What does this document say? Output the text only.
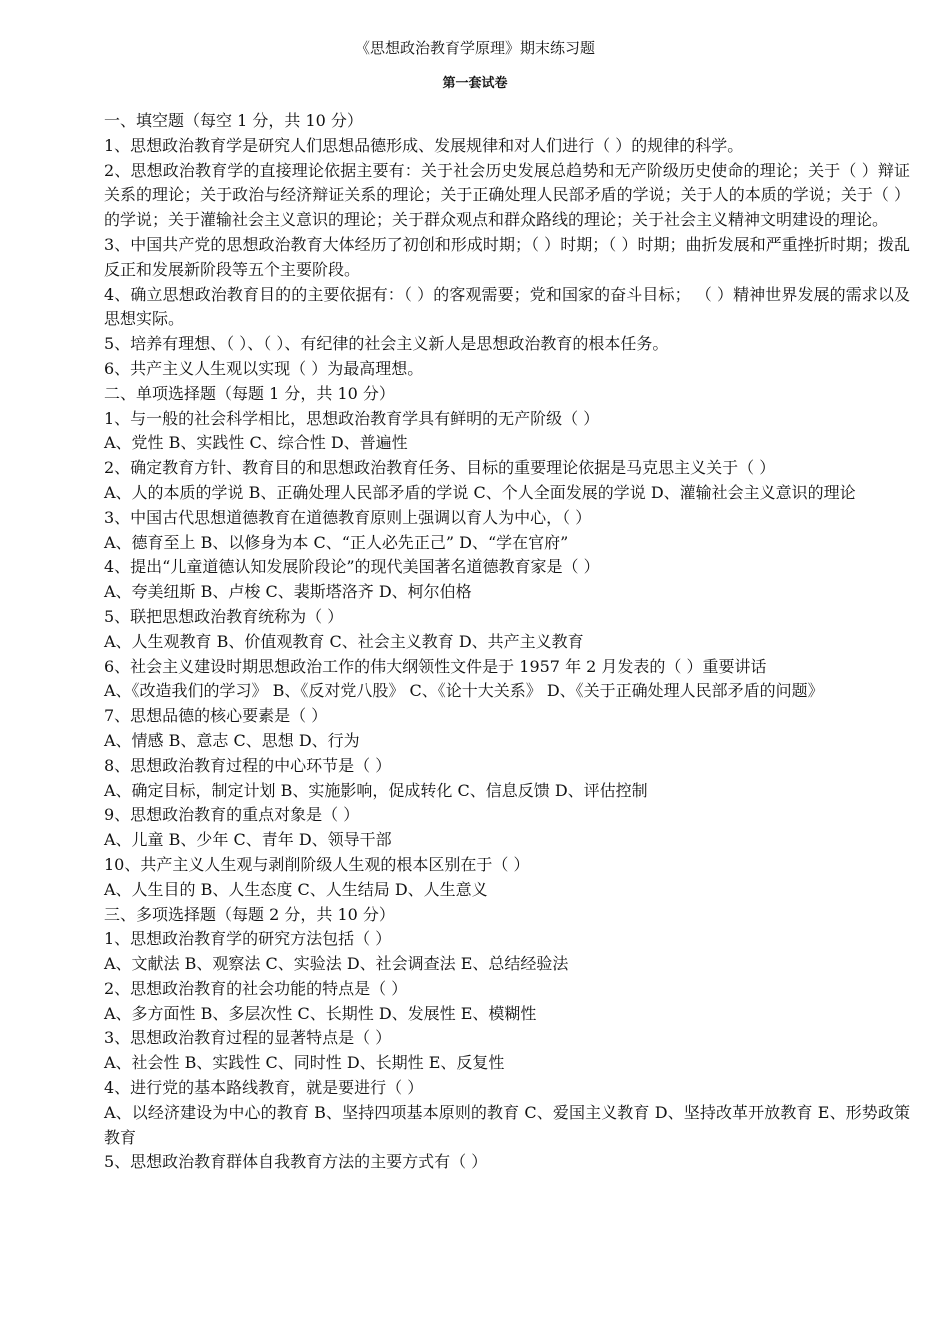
《思想政治教育学原理》期末练习题
第一套试卷
一、填空题（每空 1 分，共 10 分）
1、思想政治教育学是研究人们思想品德形成、发展规律和对人们进行（ ）的规律的科学。
2、思想政治教育学的直接理论依据主要有：关于社会历史发展总趋势和无产阶级历史使命的理论；关于（ ）辩证关系的理论；关于政治与经济辩证关系的理论；关于正确处理人民部矛盾的学说；关于人的本质的学说；关于（ ）的学说；关于灌输社会主义意识的理论；关于群众观点和群众路线的理论；关于社会主义精神文明建设的理论。
3、中国共产党的思想政治教育大体经历了初创和形成时期；（ ）时期；（ ）时期；曲折发展和严重挫折时期；拨乱反正和发展新阶段等五个主要阶段。
4、确立思想政治教育目的的主要依据有：（ ）的客观需要；党和国家的奋斗目标； （ ）精神世界发展的需求以及思想实际。
5、培养有理想、（ ）、（ ）、有纪律的社会主义新人是思想政治教育的根本任务。
6、共产主义人生观以实现（ ）为最高理想。
二、单项选择题（每题 1 分，共 10 分）
1、与一般的社会科学相比，思想政治教育学具有鲜明的无产阶级（ ）
A、党性 B、实践性 C、综合性 D、普遍性
2、确定教育方针、教育目的和思想政治教育任务、目标的重要理论依据是马克思主义关于（ ）
A、人的本质的学说 B、正确处理人民部矛盾的学说 C、个人全面发展的学说 D、灌输社会主义意识的理论
3、中国古代思想道德教育在道德教育原则上强调以育人为中心，（ ）
A、德育至上 B、以修身为本 C、“正人必先正己” D、“学在官府”
4、提出“儿童道德认知发展阶段论”的现代美国著名道德教育家是（ ）
A、夸美纽斯 B、卢梭 C、裴斯塔洛齐 D、柯尔伯格
5、联把思想政治教育统称为（ ）
A、人生观教育 B、价值观教育 C、社会主义教育 D、共产主义教育
6、社会主义建设时期思想政治工作的伟大纲领性文件是于 1957 年 2 月发表的（ ）重要讲话
A、《改造我们的学习》 B、《反对党八股》 C、《论十大关系》 D、《关于正确处理人民部矛盾的问题》
7、思想品德的核心要素是（ ）
A、情感 B、意志 C、思想 D、行为
8、思想政治教育过程的中心环节是（ ）
A、确定目标，制定计划 B、实施影响，促成转化 C、信息反馈 D、评估控制
9、思想政治教育的重点对象是（ ）
A、儿童 B、少年 C、青年 D、领导干部
10、共产主义人生观与剥削阶级人生观的根本区别在于（ ）
A、人生目的 B、人生态度 C、人生结局 D、人生意义
三、多项选择题（每题 2 分，共 10 分）
1、思想政治教育学的研究方法包括（ ）
A、文献法 B、观察法 C、实验法 D、社会调查法 E、总结经验法
2、思想政治教育的社会功能的特点是（ ）
A、多方面性 B、多层次性 C、长期性 D、发展性 E、模糊性
3、思想政治教育过程的显著特点是（ ）
A、社会性 B、实践性 C、同时性 D、长期性 E、反复性
4、进行党的基本路线教育，就是要进行（ ）
A、以经济建设为中心的教育 B、坚持四项基本原则的教育 C、爱国主义教育 D、坚持改革开放教育 E、形势政策教育
5、思想政治教育群体自我教育方法的主要方式有（ ）
